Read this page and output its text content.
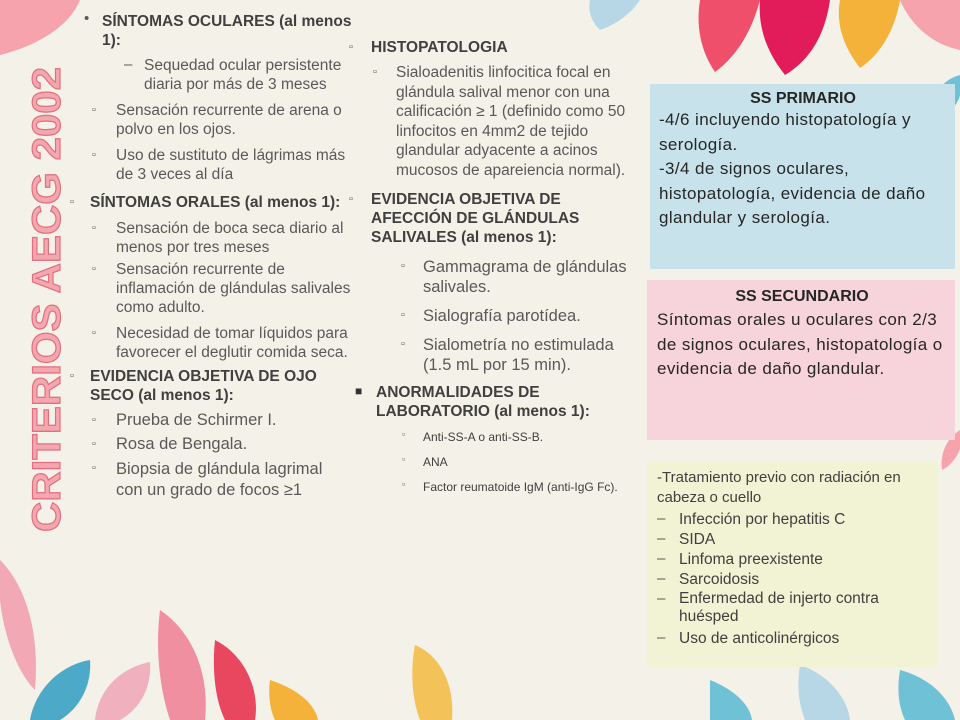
CRITERIOS AECG 2002
• SÍNTOMAS OCULARES (al menos 1):
– Sequedad ocular persistente diaria por más de 3 meses
▫ Sensación recurrente de arena o polvo en los ojos.
▫ Uso de sustituto de lágrimas más de 3 veces al día
▫ SÍNTOMAS ORALES (al menos 1):
▫ Sensación de boca seca diario al menos por tres meses
▫ Sensación recurrente de inflamación de glándulas salivales como adulto.
▫ Necesidad de tomar líquidos para favorecer el deglutir comida seca.
▫ EVIDENCIA OBJETIVA DE OJO SECO (al menos 1):
▫ Prueba de Schirmer I.
▫ Rosa de Bengala.
▫ Biopsia de glándula lagrimal con un grado de focos ≥1
▫ HISTOPATOLOGIA
▫ Sialoadenitis linfocitica focal en glándula salival menor con una calificación ≥ 1 (definido como 50 linfocitos en 4mm2 de tejido glandular adyacente a acinos mucosos de apareiencia normal).
▫ EVIDENCIA OBJETIVA DE AFECCIÓN DE GLÁNDULAS SALIVALES (al menos 1):
▫ Gammagrama de glándulas salivales.
▫ Sialografía parotídea.
▫ Sialometría no estimulada (1.5 mL por 15 min).
■ ANORMALIDADES DE LABORATORIO (al menos 1):
▫ Anti-SS-A o anti-SS-B.
▫ ANA
▫ Factor reumatoide IgM (anti-IgG Fc).
SS PRIMARIO
-4/6 incluyendo histopatología y serología.
-3/4 de signos oculares, histopatología, evidencia de daño glandular y serología.
SS SECUNDARIO
Síntomas orales u oculares con 2/3 de signos oculares, histopatología o evidencia de daño glandular.
-Tratamiento previo con radiación en cabeza o cuello
– Infección por hepatitis C
– SIDA
– Linfoma preexistente
– Sarcoidosis
– Enfermedad de injerto contra huésped
– Uso de anticolinérgicos
